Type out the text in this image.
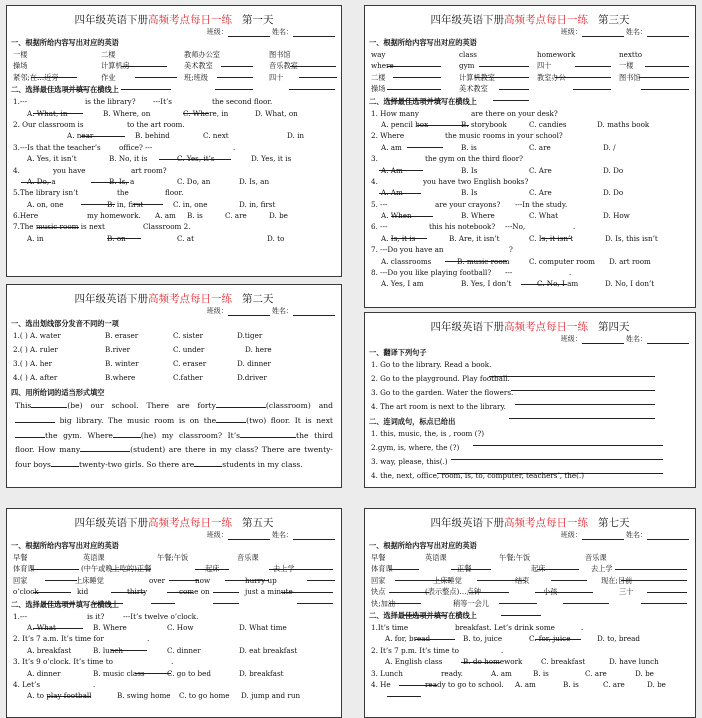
四年级英语下册高频考点每日一练 第一天
班级：	姓名：
一、根据所给内容写出对应的英语
一楼	二楼	教师办公室	图书馆
操场	计算机房	美术教室	音乐教室
紧邻;在…近旁	作业	班;班级	四十
二、选择最佳选项并填写在横线上
1.---	is the library? ---It’s	the second floor.
A. What, in	B. Where, on	C. Where, in	D. What, on
2. Our classroom is	to the art room.
A. near	B. behind	C. next	D. in
3.---Is that the teacher’s	office? ---	.
A. Yes, it isn’t	B. No, it is	C. Yes, it’s	D. Yes, it is
4.	you have	art room?
A. Do, a	B. Is, a	C. Do, an	D. Is, an
5.The library isn’t	the	floor.
A. on, one	B. in, first	C. in, one	D. in, first
6.Here	my homework. A. am B. is	C. are	D. be
7.The music room is next	Classroom 2.
A. in	B. on	C. at	D. to
四年级英语下册高频考点每日一练 第二天
班级：	姓名：
一、选出划线部分发音不同的一项
1.( ) A. water	B. eraser	C. sister	D.tiger
2.( ) A. ruler	B.river	C. under	D. here
3.( ) A. her	B. winter	C. eraser	D. dinner
4.( ) A. after	B.where	C.father	D.driver
四、用所给词的适当形式填空
This	(be) our school. There are forty	(classroom) and big library. The music room is on the	(two) floor. It is nextthe gym. Where	(he) my classroom? It’s	the third floor. How many	(student) are there in my class? There are twenty-four boys	twenty-two girls. So there are	students in my class.
四年级英语下册高频考点每日一练 第三天
班级：	姓名：
一、根据所给内容写出对应的英语
way	class	homework	nextto
where	gym	四十	一楼
二楼	计算机教室	教室办公	图书馆
操场	美术教室
二、选择最佳选项并填写在横线上
1. How many	are there on your desk?
A. pencil box	B. storybook	C. candies	D. maths book
2. Where	the music rooms in your school?
A. am	B. is	C. are	D. /
3.	the gym on the third floor?
A. Am	B. Is	C. Are	D. Do
4.	you have two English books?
A. Am	B. Is	C. Are	D. Do
5. ---	are your crayons? ---In the study.
A. When	B. Where	C. What	D. How
6. ---	this his notebook? ---No,	.
A. Is, it is	B. Are, it isn’t	C. Is, it isn’t	D. Is, this isn’t
7. ---Do you have an	?
A. classrooms	B. music room	C. computer room D. art room
8. ---Do you like playing football? ---	.
A. Yes, I am	B. Yes, I don’t	C. No, I am	D. No, I don’t
四年级英语下册高频考点每日一练 第四天
班级：	姓名：
一、翻译下列句子
1. Go to the library. Read a book.
2. Go to the playground. Play football.
3. Go to the garden. Water the flowers.
4. The art room is next to the library.
二、连词成句，标点已给出
1. this, music, the, is , room (?)
2.gym, is, where, the (?)
3. way, please, this(.)
4. the, next, office, room, is, to, computer, teachers’, the(.)
四年级英语下册高频考点每日一练 第五天
班级：	姓名：
一、根据所给内容写出对应的英语
早餐	英语课	午餐;午饭	音乐课
体育课	(中午或晚上吃的)正餐	起床	去上学
回家	上床睡觉	over	now	hurry up
o’clock	kid	thirty	come on	just a minute
二、选择最佳选项并填写在横线上
1.---	is it?	---It’s twelve o’clock.
A. What	B. Where	C. How	D. What time
2. It’s 7 a.m. It’s time for	.
A. breakfast	B. lunch	C. dinner	D. eat breakfast
3. It’s 9 o’clock. It’s time to	.
A. dinner	B. music class	C. go to bed	D. breakfast
4. Let’s	.
A. to play football	B. swing home C. to go home D. jump and run
四年级英语下册高频考点每日一练 第七天
班级：	姓名：
一、根据所给内容写出对应的英语
早餐	英语课	午餐;午饭	音乐课
体育课	正餐	起床	去上学
回家	上床睡觉	结束	现在;目前
快点	(表示整点)…点钟	小孩	三十
快;加油	稍等一会儿
二、选择最佳选项并填写在横线上
1.It’s time	breakfast. Let’s drink some	.
A. for, bread	B. to, juice	C. for, juice	D. to, bread
2. It’s 7 p.m. It’s time to	.
A. English class	B. do homework	C. breakfast	D. have lunch
3. Lunch	ready.	A. am	B. is	C. are	D. be
4. He	ready to go to school. A. am	B. is	C. are	D. be
